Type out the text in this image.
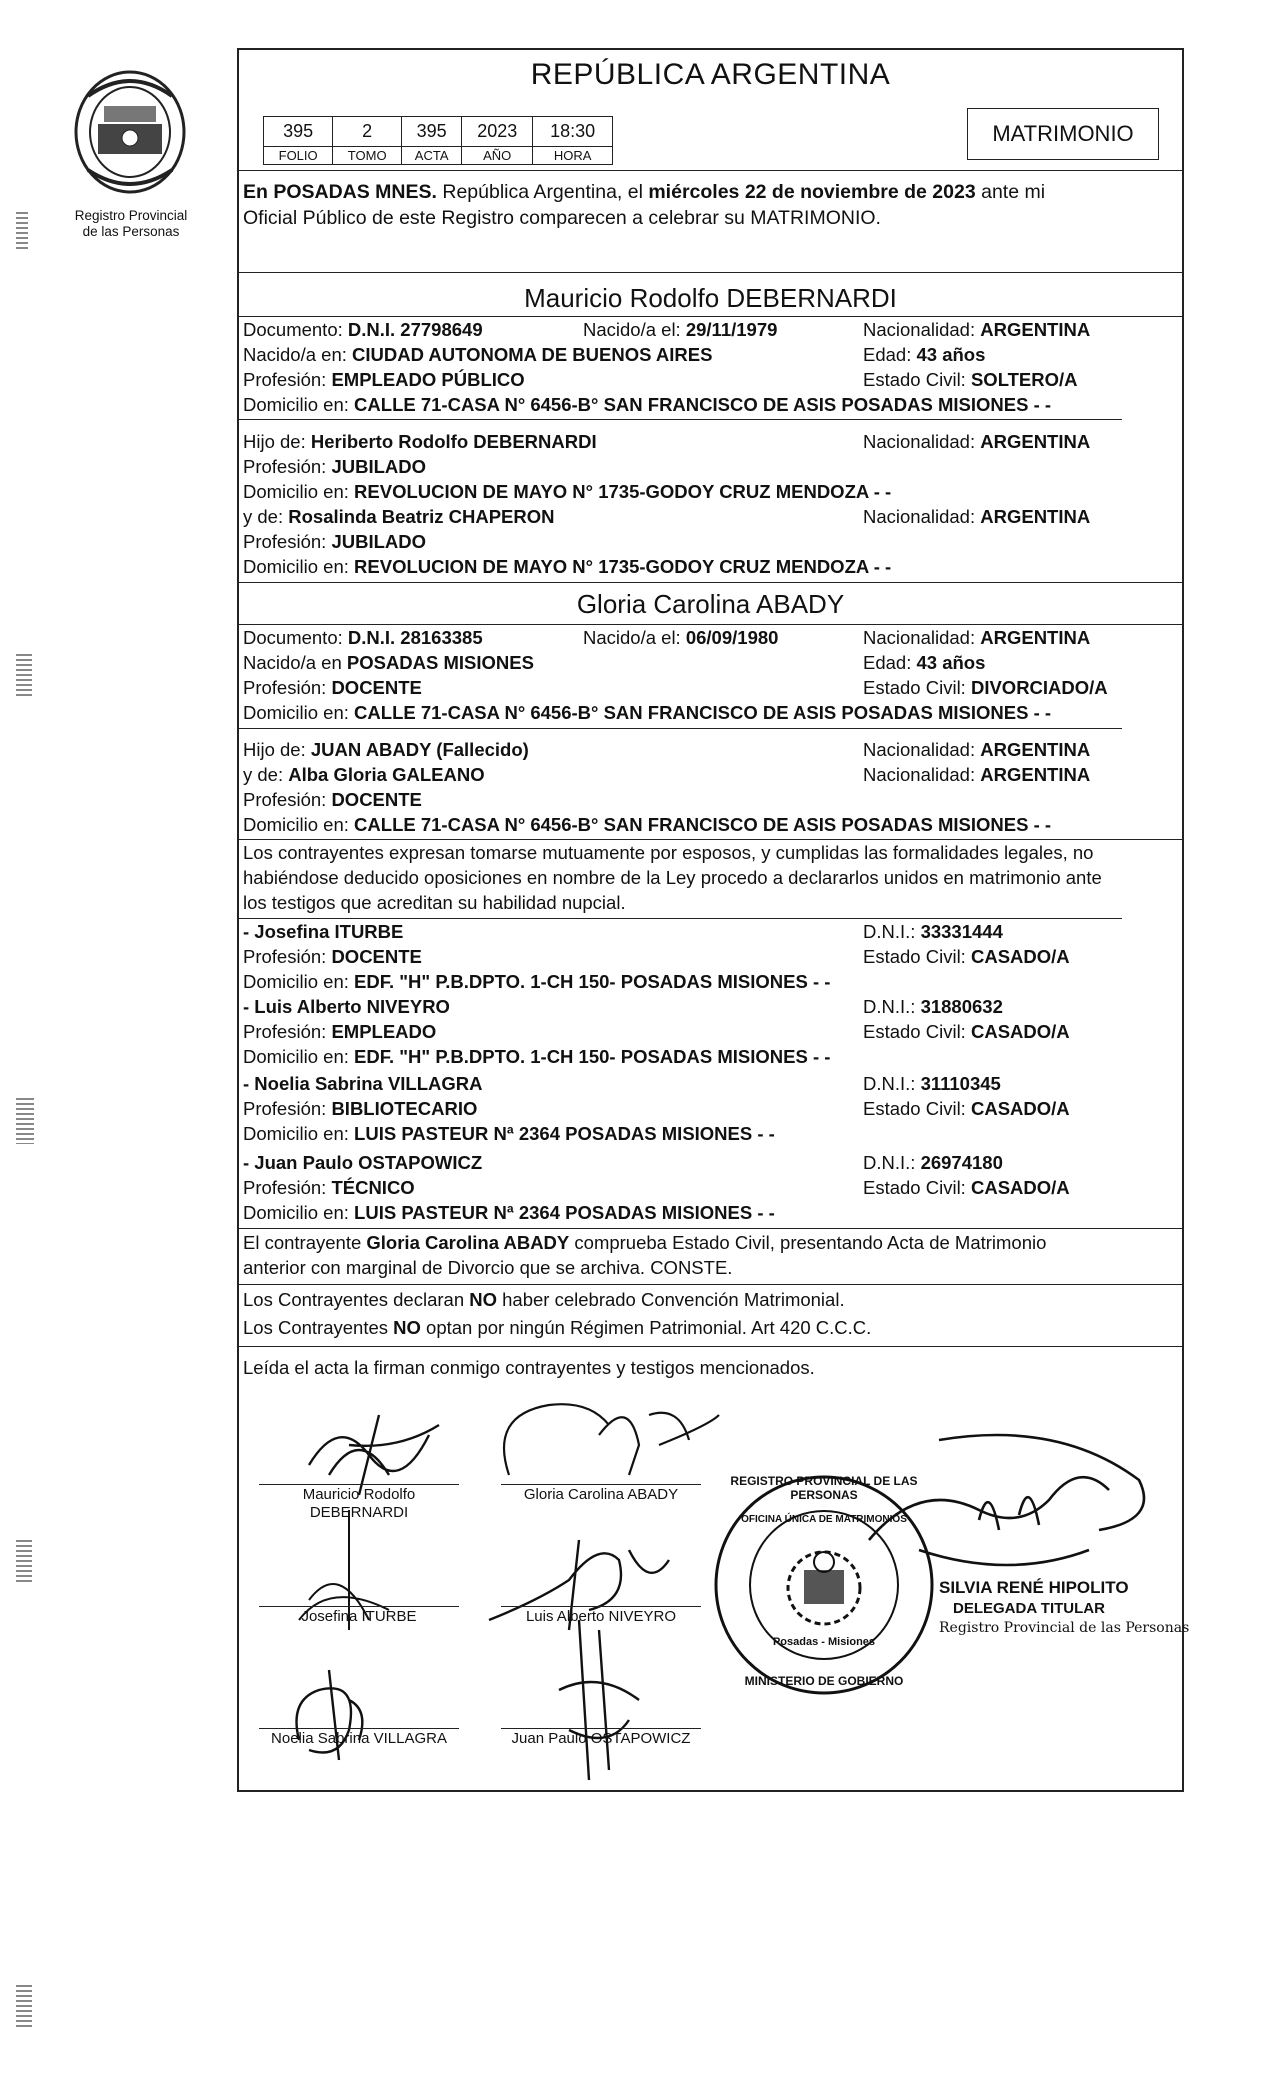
Registro Provincial
de las Personas
REPÚBLICA ARGENTINA
395	2	395	2023	18:30
FOLIO	TOMO	ACTA	AÑO	HORA
MATRIMONIO
En POSADAS MNES. República Argentina, el miércoles 22 de noviembre de 2023 ante mi
Oficial Público de este Registro comparecen a celebrar su MATRIMONIO.
Mauricio Rodolfo DEBERNARDI
Documento: D.N.I. 27798649	Nacido/a el: 29/11/1979	Nacionalidad: ARGENTINA
Nacido/a en: CIUDAD AUTONOMA DE BUENOS AIRES	Edad: 43 años
Profesión: EMPLEADO PÚBLICO	Estado Civil: SOLTERO/A
Domicilio en: CALLE 71-CASA N° 6456-B° SAN FRANCISCO DE ASIS POSADAS MISIONES - -
Hijo de: Heriberto Rodolfo DEBERNARDI	Nacionalidad: ARGENTINA
Profesión: JUBILADO
Domicilio en: REVOLUCION DE MAYO N° 1735-GODOY CRUZ MENDOZA - -
y de: Rosalinda Beatriz CHAPERON	Nacionalidad: ARGENTINA
Profesión: JUBILADO
Domicilio en: REVOLUCION DE MAYO N° 1735-GODOY CRUZ MENDOZA - -
Gloria Carolina ABADY
Documento: D.N.I. 28163385	Nacido/a el: 06/09/1980	Nacionalidad: ARGENTINA
Nacido/a en POSADAS MISIONES	Edad: 43 años
Profesión: DOCENTE	Estado Civil: DIVORCIADO/A
Domicilio en: CALLE 71-CASA N° 6456-B° SAN FRANCISCO DE ASIS POSADAS MISIONES - -
Hijo de: JUAN ABADY (Fallecido)	Nacionalidad: ARGENTINA
y de: Alba Gloria GALEANO	Nacionalidad: ARGENTINA
Profesión: DOCENTE
Domicilio en: CALLE 71-CASA N° 6456-B° SAN FRANCISCO DE ASIS POSADAS MISIONES - -
Los contrayentes expresan tomarse mutuamente por esposos, y cumplidas las formalidades legales, no
habiéndose deducido oposiciones en nombre de la Ley procedo a declararlos unidos en matrimonio ante
los testigos que acreditan su habilidad nupcial.
- Josefina ITURBE	D.N.I.: 33331444
Profesión: DOCENTE	Estado Civil: CASADO/A
Domicilio en: EDF. "H" P.B.DPTO. 1-CH 150- POSADAS MISIONES - -
- Luis Alberto NIVEYRO	D.N.I.: 31880632
Profesión: EMPLEADO	Estado Civil: CASADO/A
Domicilio en: EDF. "H" P.B.DPTO. 1-CH 150- POSADAS MISIONES - -
- Noelia Sabrina VILLAGRA	D.N.I.: 31110345
Profesión: BIBLIOTECARIO	Estado Civil: CASADO/A
Domicilio en: LUIS PASTEUR Nª 2364 POSADAS MISIONES - -
- Juan Paulo OSTAPOWICZ	D.N.I.: 26974180
Profesión: TÉCNICO	Estado Civil: CASADO/A
Domicilio en: LUIS PASTEUR Nª 2364 POSADAS MISIONES - -
El contrayente Gloria Carolina ABADY comprueba Estado Civil, presentando Acta de Matrimonio
anterior con marginal de Divorcio que se archiva. CONSTE.
Los Contrayentes declaran NO haber celebrado Convención Matrimonial.
Los Contrayentes NO optan por ningún Régimen Patrimonial. Art 420 C.C.C.
Leída el acta la firman conmigo contrayentes y testigos mencionados.
Mauricio Rodolfo
DEBERNARDI
Gloria Carolina ABADY
Josefina ITURBE	Luis Alberto NIVEYRO
Noelia Sabrina VILLAGRA	Juan Paulo OSTAPOWICZ
REGISTRO PROVINCIAL DE LAS PERSONAS
OFICINA ÚNICA DE MATRIMONIOS
Posadas - Misiones
MINISTERIO DE GOBIERNO
SILVIA RENÉ HIPOLITO
DELEGADA TITULAR
Registro Provincial de las Personas
